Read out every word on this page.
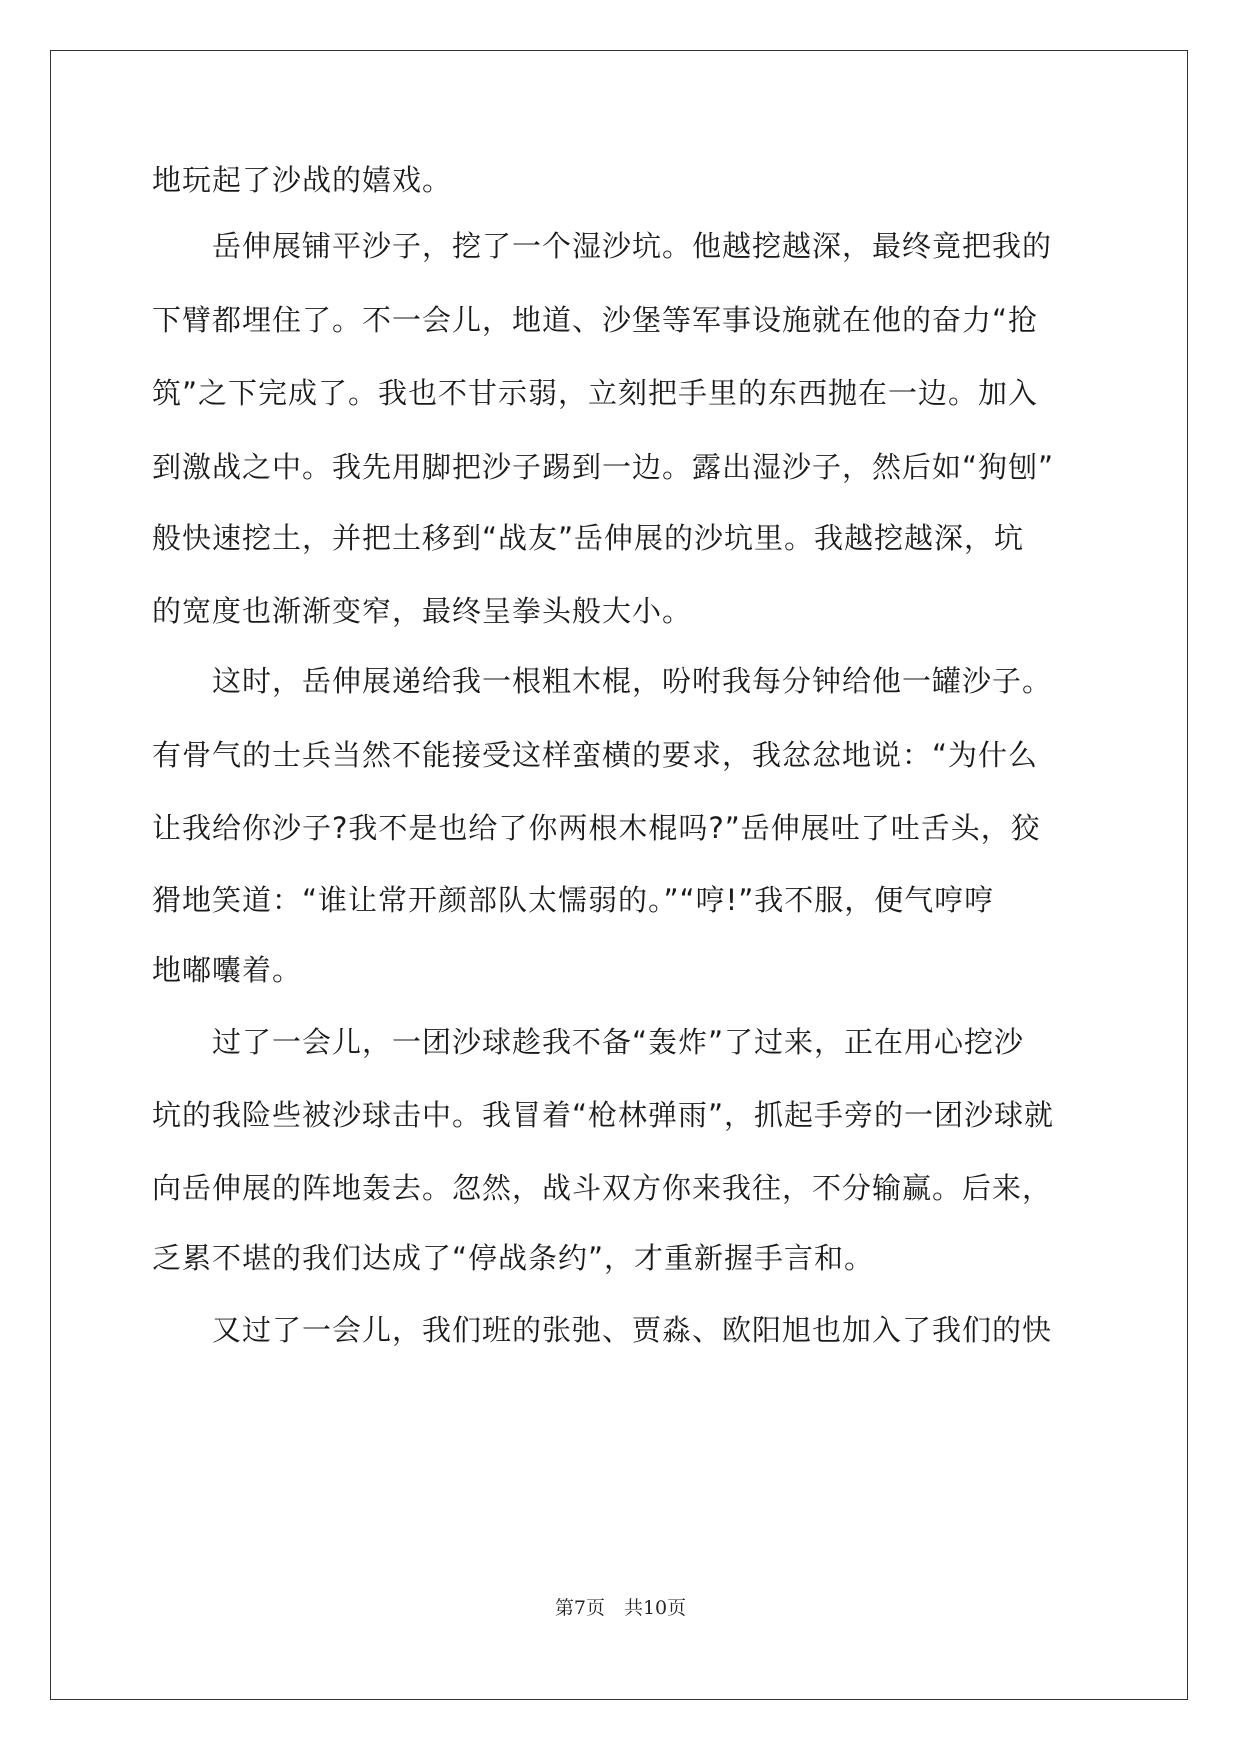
地玩起了沙战的嬉戏。
　　岳伸展铺平沙子，挖了一个湿沙坑。他越挖越深，最终竟把我的
下臂都埋住了。不一会儿，地道、沙堡等军事设施就在他的奋力“抢
筑”之下完成了。我也不甘示弱，立刻把手里的东西抛在一边。加入
到激战之中。我先用脚把沙子踢到一边。露出湿沙子，然后如“狗刨”
般快速挖土，并把土移到“战友”岳伸展的沙坑里。我越挖越深，坑
的宽度也渐渐变窄，最终呈拳头般大小。
　　这时，岳伸展递给我一根粗木棍，吩咐我每分钟给他一罐沙子。
有骨气的士兵当然不能接受这样蛮横的要求，我忿忿地说：“为什么
让我给你沙子?我不是也给了你两根木棍吗?”岳伸展吐了吐舌头，狡
猾地笑道：“谁让常开颜部队太懦弱的。”“哼!”我不服，便气哼哼
地嘟囔着。
　　过了一会儿，一团沙球趁我不备“轰炸”了过来，正在用心挖沙
坑的我险些被沙球击中。我冒着“枪林弹雨”，抓起手旁的一团沙球就
向岳伸展的阵地轰去。忽然，战斗双方你来我往，不分输赢。后来，
乏累不堪的我们达成了“停战条约”，才重新握手言和。
　　又过了一会儿，我们班的张弛、贾淼、欧阳旭也加入了我们的快
第7页　共10页
